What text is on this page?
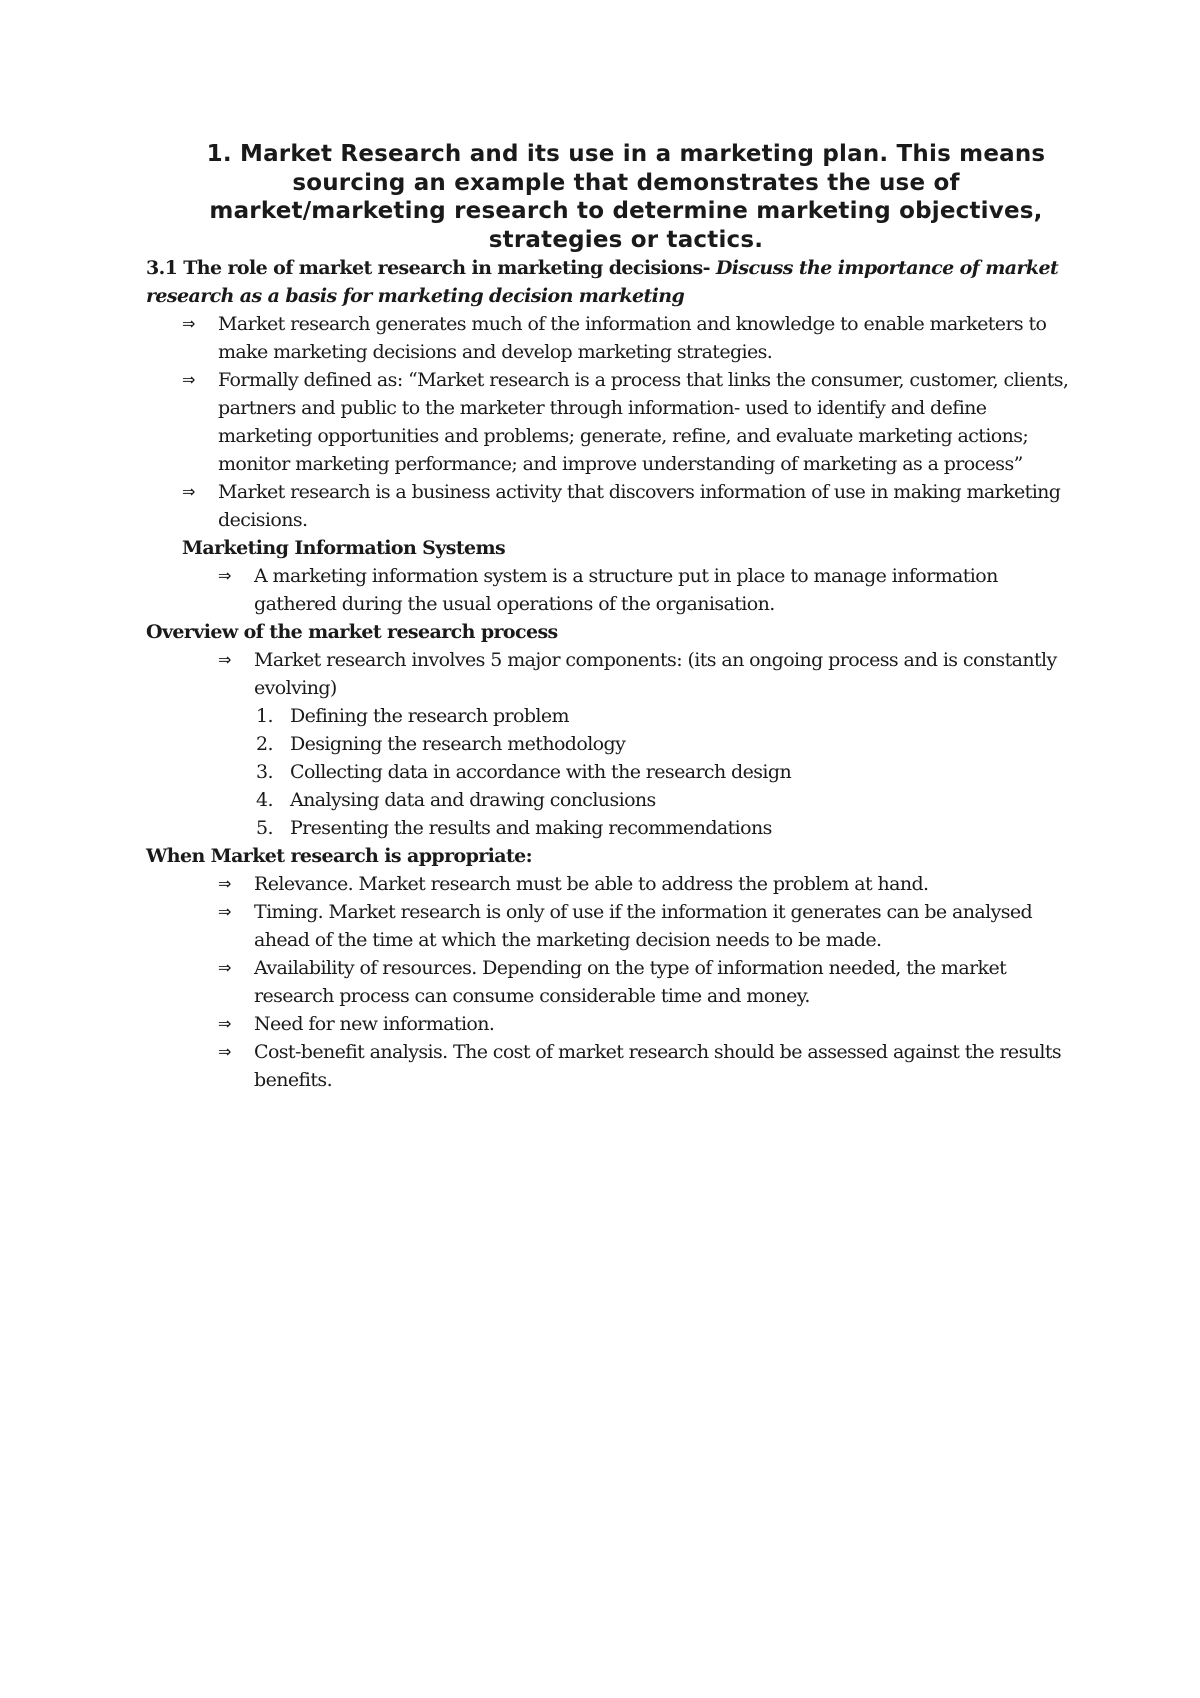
1. Market Research and its use in a marketing plan. This means sourcing an example that demonstrates the use of market/marketing research to determine marketing objectives, strategies or tactics.
3.1 The role of market research in marketing decisions- Discuss the importance of market research as a basis for marketing decision marketing
⇒ Market research generates much of the information and knowledge to enable marketers to make marketing decisions and develop marketing strategies.
⇒ Formally defined as: “Market research is a process that links the consumer, customer, clients, partners and public to the marketer through information- used to identify and define marketing opportunities and problems; generate, refine, and evaluate marketing actions; monitor marketing performance; and improve understanding of marketing as a process”
⇒ Market research is a business activity that discovers information of use in making marketing decisions.
Marketing Information Systems
⇒ A marketing information system is a structure put in place to manage information gathered during the usual operations of the organisation.
Overview of the market research process
⇒ Market research involves 5 major components: (its an ongoing process and is constantly evolving)
1. Defining the research problem
2. Designing the research methodology
3. Collecting data in accordance with the research design
4. Analysing data and drawing conclusions
5. Presenting the results and making recommendations
When Market research is appropriate:
⇒ Relevance. Market research must be able to address the problem at hand.
⇒ Timing. Market research is only of use if the information it generates can be analysed ahead of the time at which the marketing decision needs to be made.
⇒ Availability of resources. Depending on the type of information needed, the market research process can consume considerable time and money.
⇒ Need for new information.
⇒ Cost-benefit analysis. The cost of market research should be assessed against the results benefits.
